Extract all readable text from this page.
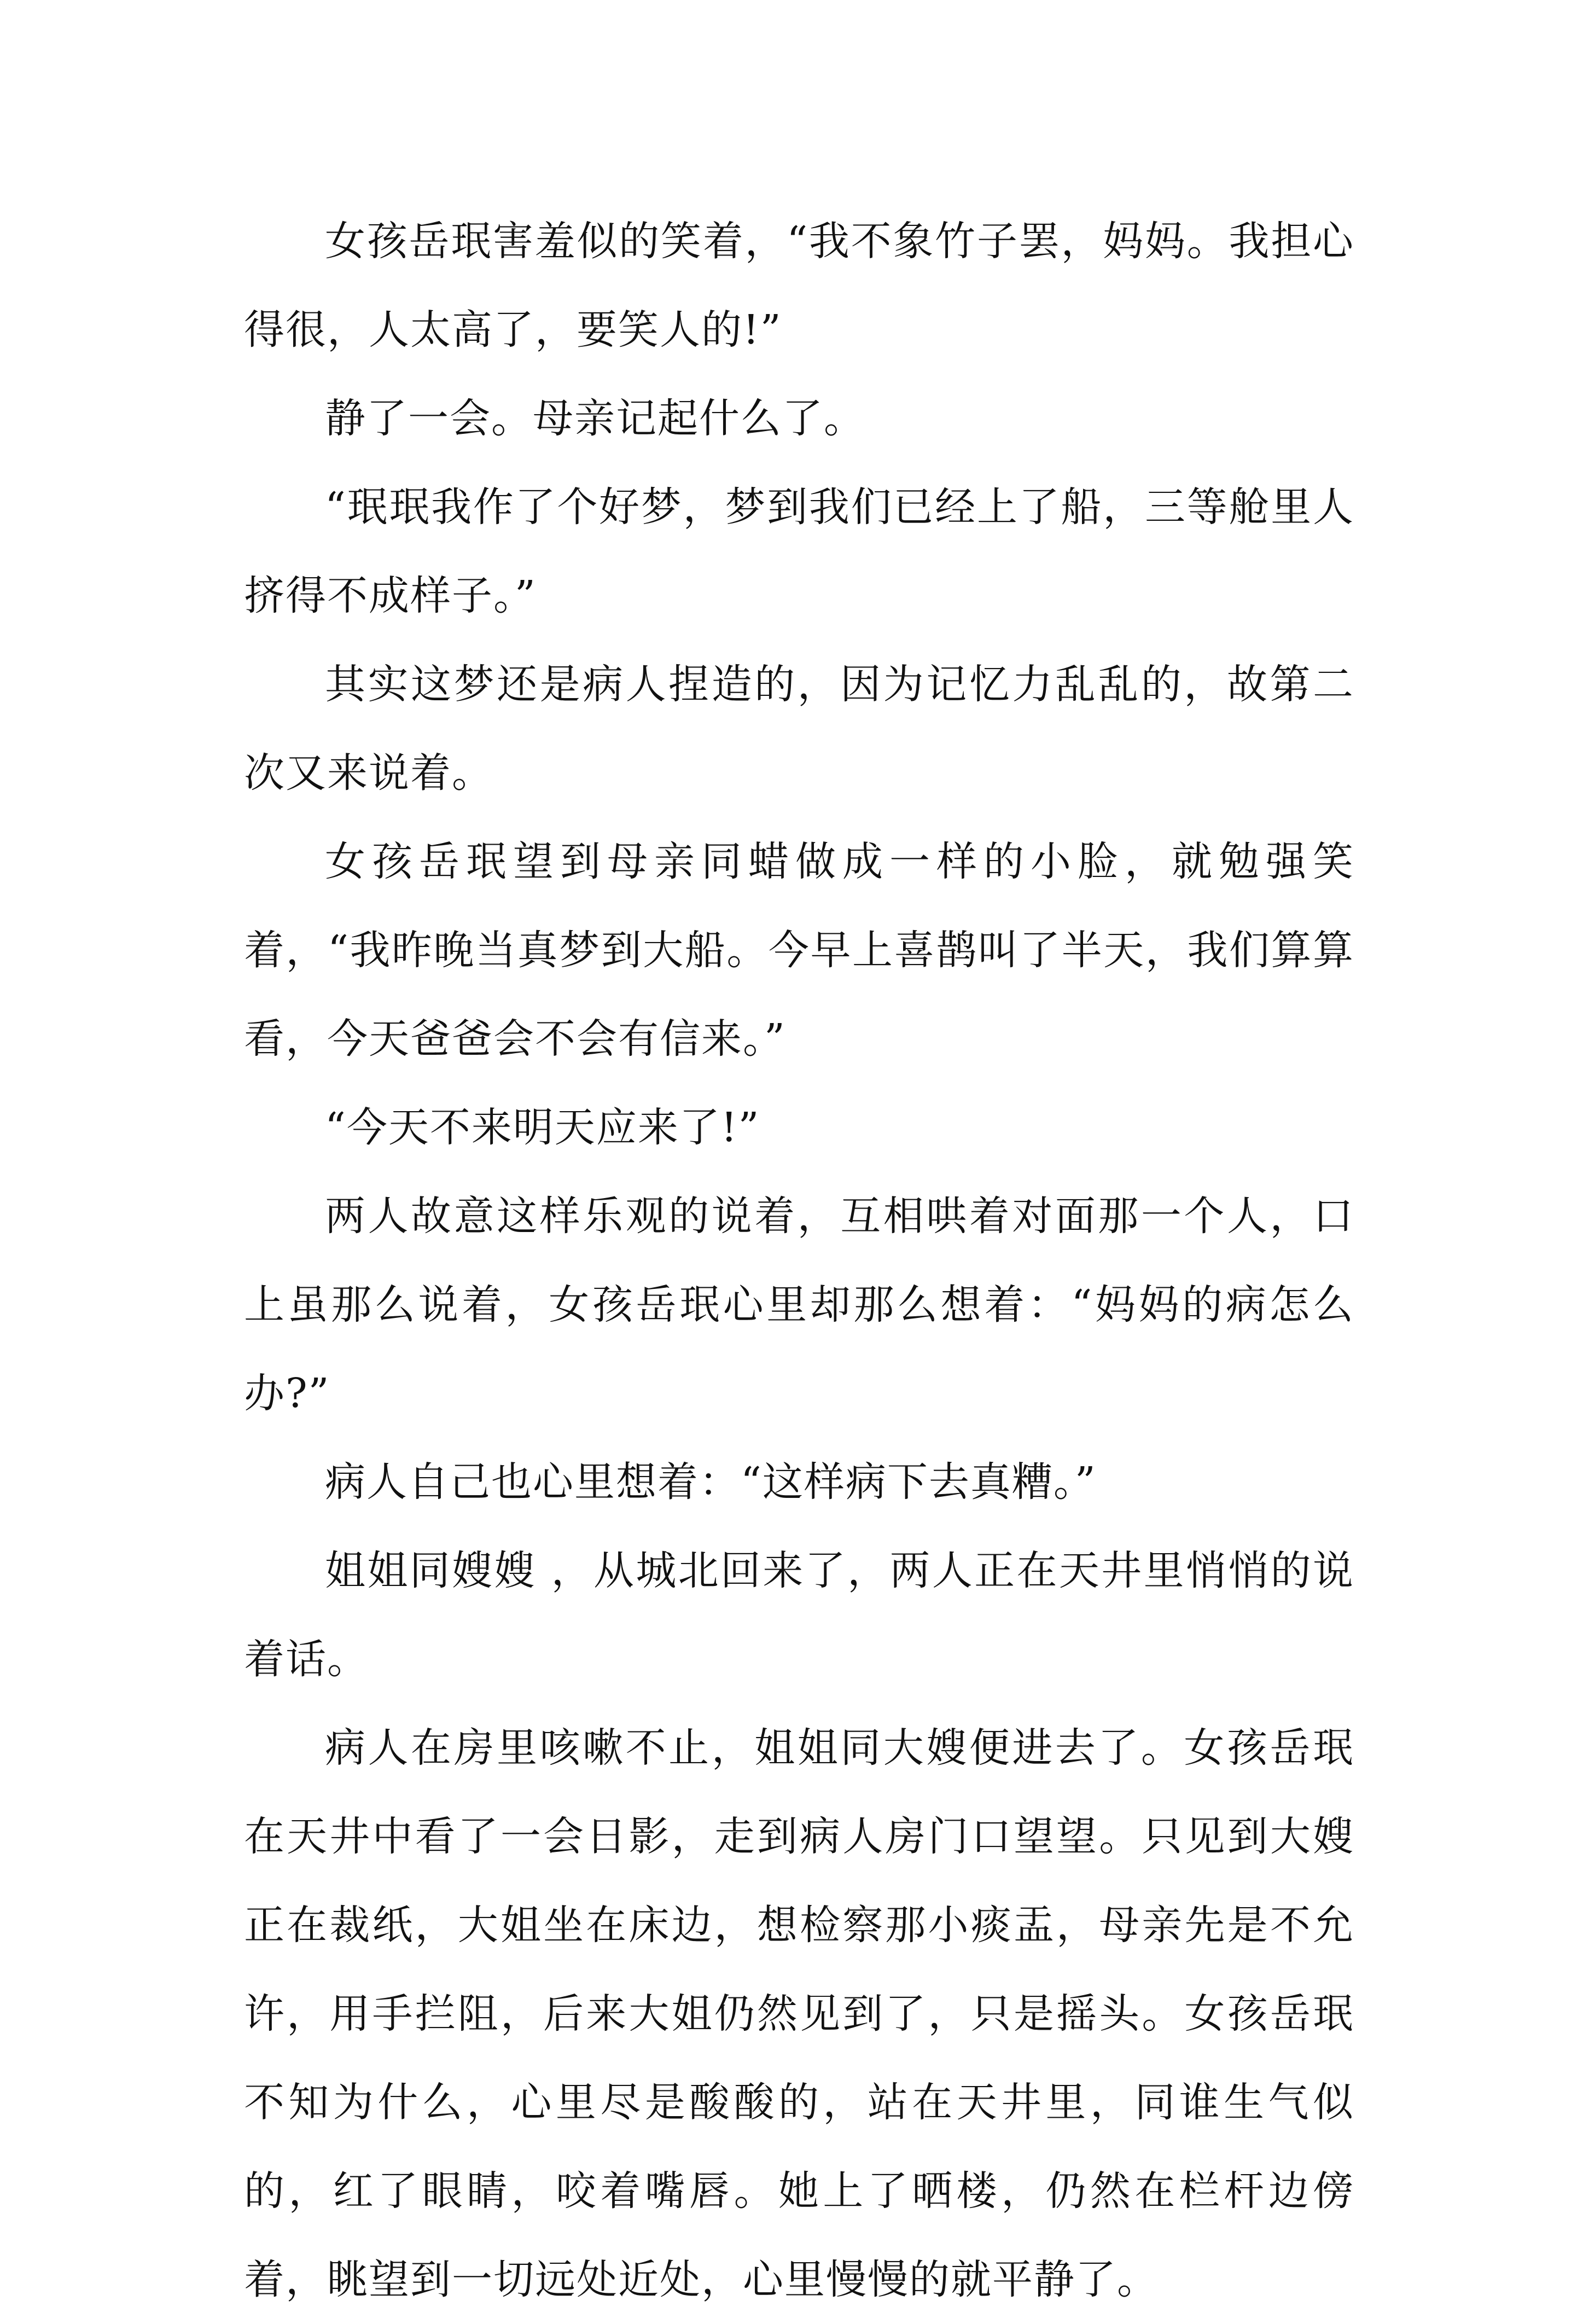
女孩岳珉害羞似的笑着，“我不象竹子罢，妈妈。我担心得很，人太高了，要笑人的!”

静了一会。母亲记起什么了。

“珉珉我作了个好梦，梦到我们已经上了船，三等舱里人挤得不成样子。”

其实这梦还是病人捏造的，因为记忆力乱乱的，故第二次又来说着。

女孩岳珉望到母亲同蜡做成一样的小脸，就勉强笑着，“我昨晚当真梦到大船。今早上喜鹊叫了半天，我们算算看，今天爸爸会不会有信来。”

“今天不来明天应来了!”

两人故意这样乐观的说着，互相哄着对面那一个人，口上虽那么说着，女孩岳珉心里却那么想着：“妈妈的病怎么办?”

病人自己也心里想着：“这样病下去真糟。”

姐姐同嫂嫂 ，从城北回来了，两人正在天井里悄悄的说着话。

病人在房里咳嗽不止，姐姐同大嫂便进去了。女孩岳珉在天井中看了一会日影，走到病人房门口望望。只见到大嫂正在裁纸，大姐坐在床边，想检察那小痰盂，母亲先是不允许，用手拦阻，后来大姐仍然见到了，只是摇头。女孩岳珉不知为什么，心里尽是酸酸的，站在天井里，同谁生气似的，红了眼睛，咬着嘴唇。她上了晒楼，仍然在栏杆边傍着，眺望到一切远处近处，心里慢慢的就平静了。
